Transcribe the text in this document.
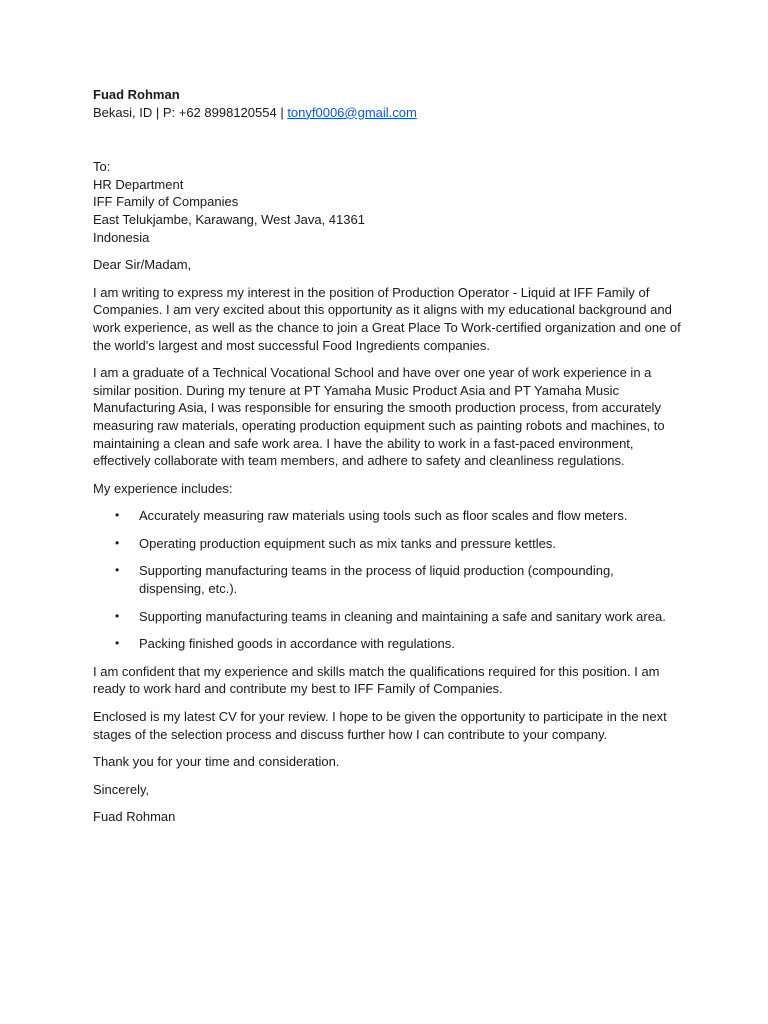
Fuad Rohman
Bekasi, ID | P: +62 8998120554 | tonyf0006@gmail.com
To:
HR Department
IFF Family of Companies
East Telukjambe, Karawang, West Java, 41361
Indonesia

Dear Sir/Madam,

I am writing to express my interest in the position of Production Operator - Liquid at IFF Family of Companies. I am very excited about this opportunity as it aligns with my educational background and work experience, as well as the chance to join a Great Place To Work-certified organization and one of the world's largest and most successful Food Ingredients companies.

I am a graduate of a Technical Vocational School and have over one year of work experience in a similar position. During my tenure at PT Yamaha Music Product Asia and PT Yamaha Music Manufacturing Asia, I was responsible for ensuring the smooth production process, from accurately measuring raw materials, operating production equipment such as painting robots and machines, to maintaining a clean and safe work area. I have the ability to work in a fast-paced environment, effectively collaborate with team members, and adhere to safety and cleanliness regulations.

My experience includes:

• Accurately measuring raw materials using tools such as floor scales and flow meters.
• Operating production equipment such as mix tanks and pressure kettles.
• Supporting manufacturing teams in the process of liquid production (compounding, dispensing, etc.).
• Supporting manufacturing teams in cleaning and maintaining a safe and sanitary work area.
• Packing finished goods in accordance with regulations.

I am confident that my experience and skills match the qualifications required for this position. I am ready to work hard and contribute my best to IFF Family of Companies.

Enclosed is my latest CV for your review. I hope to be given the opportunity to participate in the next stages of the selection process and discuss further how I can contribute to your company.

Thank you for your time and consideration.

Sincerely,

Fuad Rohman
